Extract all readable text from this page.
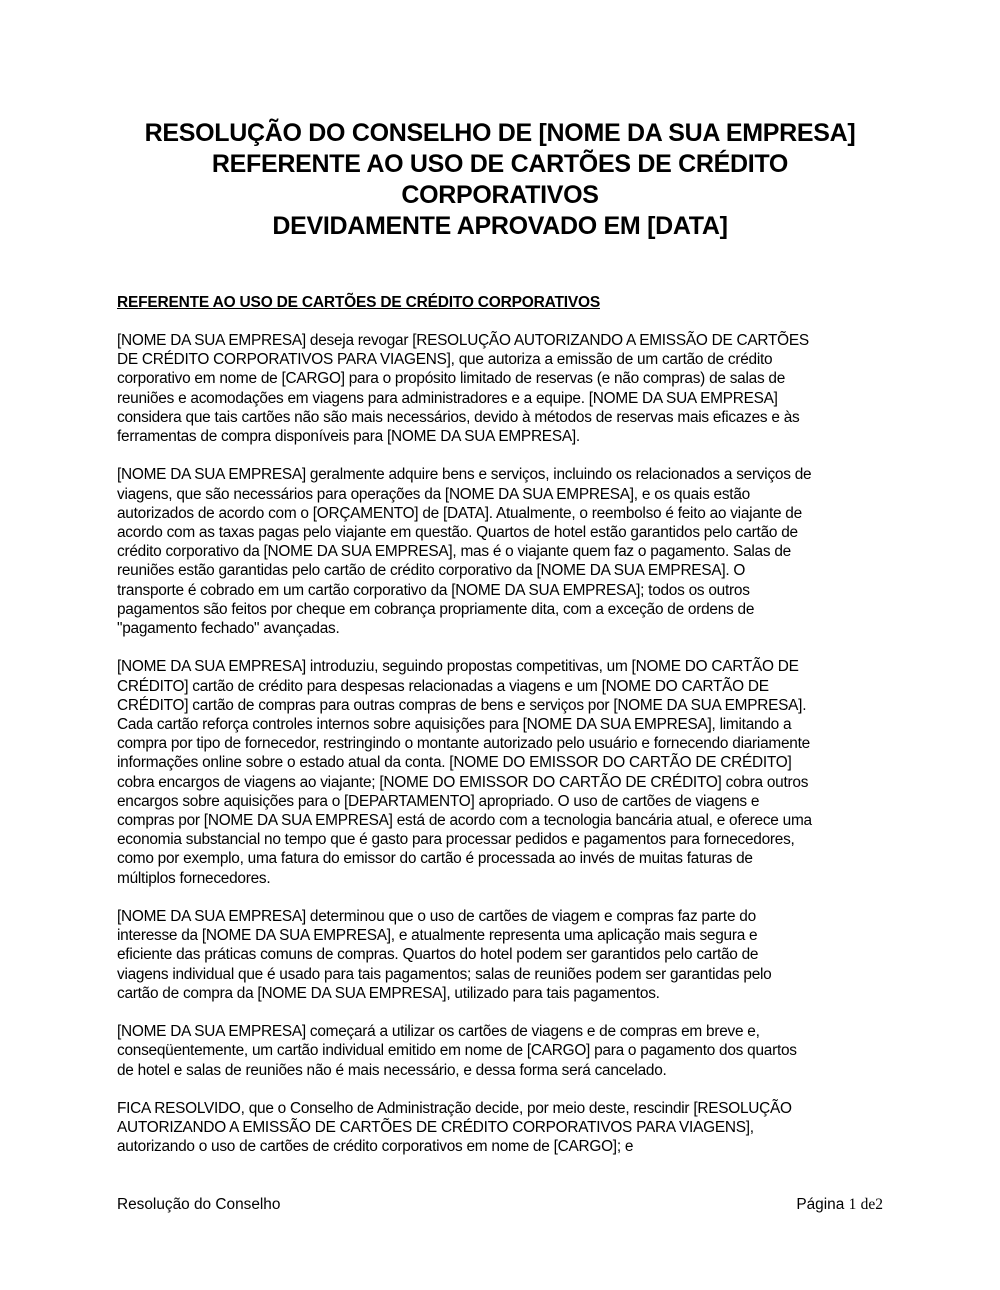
RESOLUÇÃO DO CONSELHO DE [NOME DA SUA EMPRESA]
REFERENTE AO USO DE CARTÕES DE CRÉDITO
CORPORATIVOS
DEVIDAMENTE APROVADO EM [DATA]
REFERENTE AO USO DE CARTÕES DE CRÉDITO CORPORATIVOS

[NOME DA SUA EMPRESA] deseja revogar [RESOLUÇÃO AUTORIZANDO A EMISSÃO DE CARTÕES
DE CRÉDITO CORPORATIVOS PARA VIAGENS], que autoriza a emissão de um cartão de crédito
corporativo em nome de [CARGO] para o propósito limitado de reservas (e não compras) de salas de
reuniões e acomodações em viagens para administradores e a equipe. [NOME DA SUA EMPRESA]
considera que tais cartões não são mais necessários, devido à métodos de reservas mais eficazes e às
ferramentas de compra disponíveis para [NOME DA SUA EMPRESA].

[NOME DA SUA EMPRESA] geralmente adquire bens e serviços, incluindo os relacionados a serviços de
viagens, que são necessários para operações da [NOME DA SUA EMPRESA], e os quais estão
autorizados de acordo com o [ORÇAMENTO] de [DATA]. Atualmente, o reembolso é feito ao viajante de
acordo com as taxas pagas pelo viajante em questão. Quartos de hotel estão garantidos pelo cartão de
crédito corporativo da [NOME DA SUA EMPRESA], mas é o viajante quem faz o pagamento. Salas de
reuniões estão garantidas pelo cartão de crédito corporativo da [NOME DA SUA EMPRESA]. O
transporte é cobrado em um cartão corporativo da [NOME DA SUA EMPRESA]; todos os outros
pagamentos são feitos por cheque em cobrança propriamente dita, com a exceção de ordens de
"pagamento fechado" avançadas.

[NOME DA SUA EMPRESA] introduziu, seguindo propostas competitivas, um [NOME DO CARTÃO DE
CRÉDITO] cartão de crédito para despesas relacionadas a viagens e um [NOME DO CARTÃO DE
CRÉDITO] cartão de compras para outras compras de bens e serviços por [NOME DA SUA EMPRESA].
Cada cartão reforça controles internos sobre aquisições para [NOME DA SUA EMPRESA], limitando a
compra por tipo de fornecedor, restringindo o montante autorizado pelo usuário e fornecendo diariamente
informações online sobre o estado atual da conta. [NOME DO EMISSOR DO CARTÃO DE CRÉDITO]
cobra encargos de viagens ao viajante; [NOME DO EMISSOR DO CARTÃO DE CRÉDITO] cobra outros
encargos sobre aquisições para o [DEPARTAMENTO] apropriado. O uso de cartões de viagens e
compras por [NOME DA SUA EMPRESA] está de acordo com a tecnologia bancária atual, e oferece uma
economia substancial no tempo que é gasto para processar pedidos e pagamentos para fornecedores,
como por exemplo, uma fatura do emissor do cartão é processada ao invés de muitas faturas de
múltiplos fornecedores.

[NOME DA SUA EMPRESA] determinou que o uso de cartões de viagem e compras faz parte do
interesse da [NOME DA SUA EMPRESA], e atualmente representa uma aplicação mais segura e
eficiente das práticas comuns de compras. Quartos do hotel podem ser garantidos pelo cartão de
viagens individual que é usado para tais pagamentos; salas de reuniões podem ser garantidas pelo
cartão de compra da [NOME DA SUA EMPRESA], utilizado para tais pagamentos.

[NOME DA SUA EMPRESA] começará a utilizar os cartões de viagens e de compras em breve e,
conseqüentemente, um cartão individual emitido em nome de [CARGO] para o pagamento dos quartos
de hotel e salas de reuniões não é mais necessário, e dessa forma será cancelado.

FICA RESOLVIDO, que o Conselho de Administração decide, por meio deste, rescindir [RESOLUÇÃO
AUTORIZANDO A EMISSÃO DE CARTÕES DE CRÉDITO CORPORATIVOS PARA VIAGENS],
autorizando o uso de cartões de crédito corporativos em nome de [CARGO]; e

Resolução do Conselho	Página 1 de2
